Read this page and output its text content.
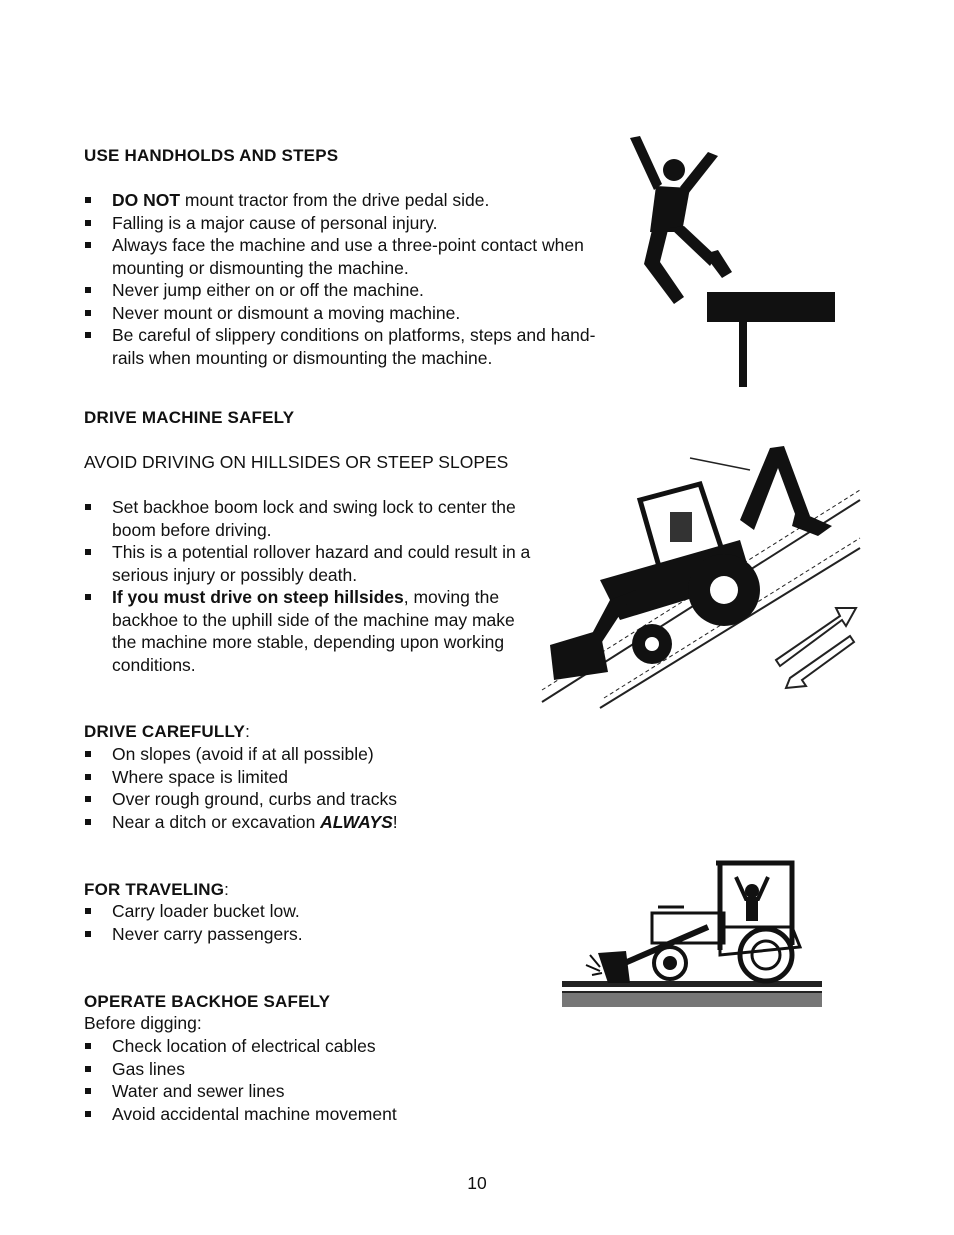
USE HANDHOLDS AND STEPS
DO NOT mount tractor from the drive pedal side.
Falling is a major cause of personal injury.
Always face the machine and use a three-point contact when mounting or dismounting the machine.
Never jump either on or off the machine.
Never mount or dismount a moving machine.
Be careful of slippery conditions on platforms, steps and hand-rails when mounting or dismounting the machine.
DRIVE MACHINE SAFELY
AVOID DRIVING ON HILLSIDES OR STEEP SLOPES
Set backhoe boom lock and swing lock to center the boom before driving.
This is a potential rollover hazard and could result in a serious injury or possibly death.
If you must drive on steep hillsides, moving the backhoe to the uphill side of the machine may make the machine more stable, depending upon working conditions.
DRIVE CAREFULLY:
On slopes (avoid if at all possible)
Where space is limited
Over rough ground, curbs and tracks
Near a ditch or excavation ALWAYS!
FOR TRAVELING:
Carry loader bucket low.
Never carry passengers.
OPERATE BACKHOE SAFELY
Before digging:
Check location of electrical cables
Gas lines
Water and sewer lines
Avoid accidental machine movement
10
